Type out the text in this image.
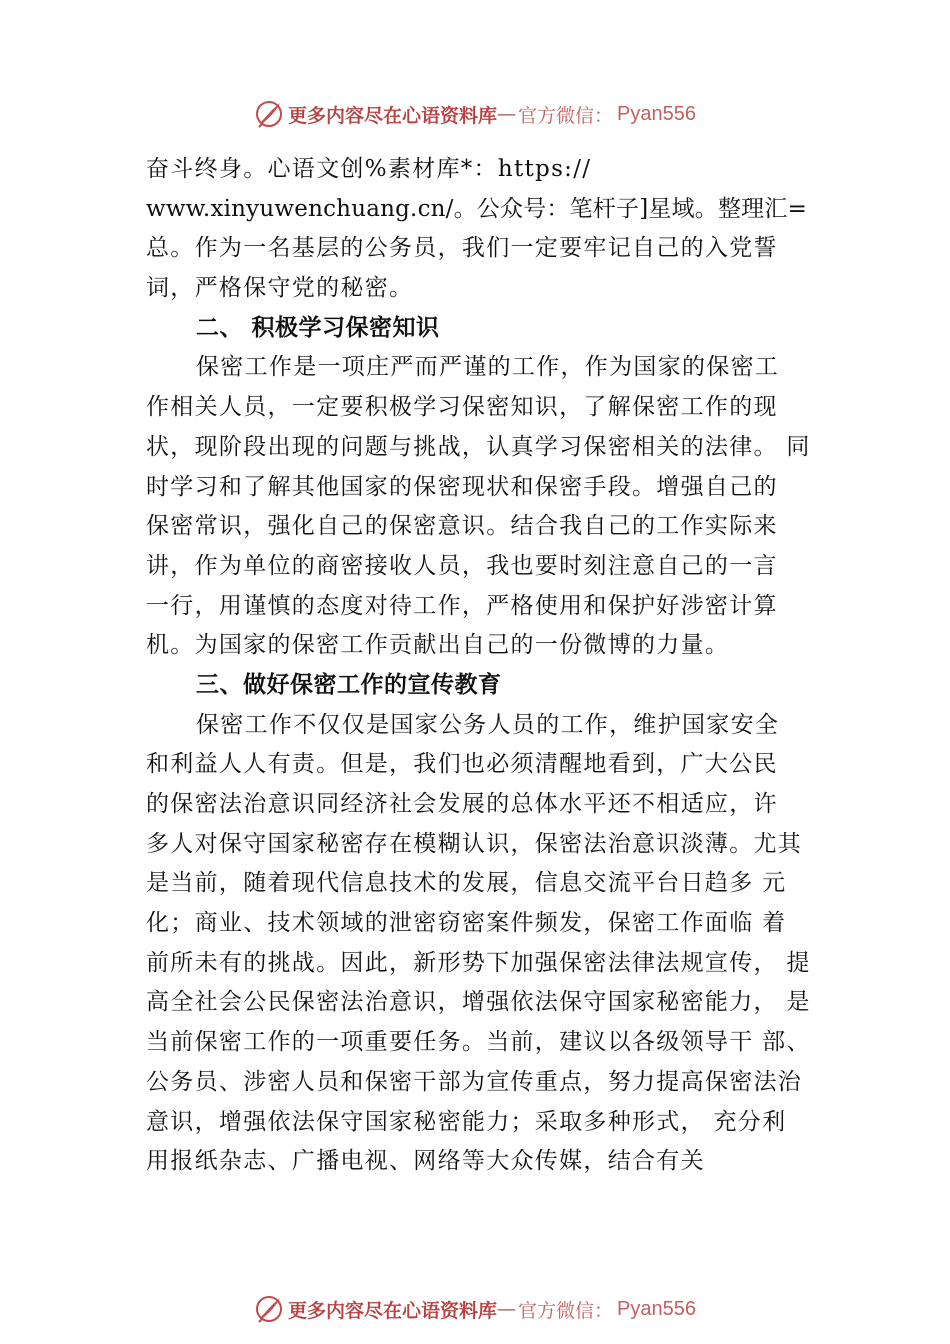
更多内容尽在心语资料库 — 官方微信： Pyan556
奋斗终身。心语文创%素材库*：https://
www.xinyuwenchuang.cn/。公众号：笔杆子]星域。整理汇=
总。作为一名基层的公务员，我们一定要牢记自己的入党誓
词，严格保守党的秘密。
二、 积极学习保密知识
保密工作是一项庄严而严谨的工作，作为国家的保密工
作相关人员，一定要积极学习保密知识，了解保密工作的现
状，现阶段出现的问题与挑战，认真学习保密相关的法律。 同
时学习和了解其他国家的保密现状和保密手段。增强自己的
保密常识，强化自己的保密意识。结合我自己的工作实际来
讲，作为单位的商密接收人员，我也要时刻注意自己的一言
一行，用谨慎的态度对待工作，严格使用和保护好涉密计算
机。为国家的保密工作贡献出自己的一份微博的力量。
三、做好保密工作的宣传教育
保密工作不仅仅是国家公务人员的工作，维护国家安全
和利益人人有责。但是，我们也必须清醒地看到，广大公民
的保密法治意识同经济社会发展的总体水平还不相适应，许
多人对保守国家秘密存在模糊认识，保密法治意识淡薄。尤其
是当前，随着现代信息技术的发展，信息交流平台日趋多 元
化；商业、技术领域的泄密窃密案件频发，保密工作面临 着
前所未有的挑战。因此，新形势下加强保密法律法规宣传， 提
高全社会公民保密法治意识，增强依法保守国家秘密能力， 是
当前保密工作的一项重要任务。当前，建议以各级领导干 部、
公务员、涉密人员和保密干部为宣传重点，努力提高保密法治
意识，增强依法保守国家秘密能力；采取多种形式， 充分利
用报纸杂志、广播电视、网络等大众传媒，结合有关
更多内容尽在心语资料库 — 官方微信： Pyan556
